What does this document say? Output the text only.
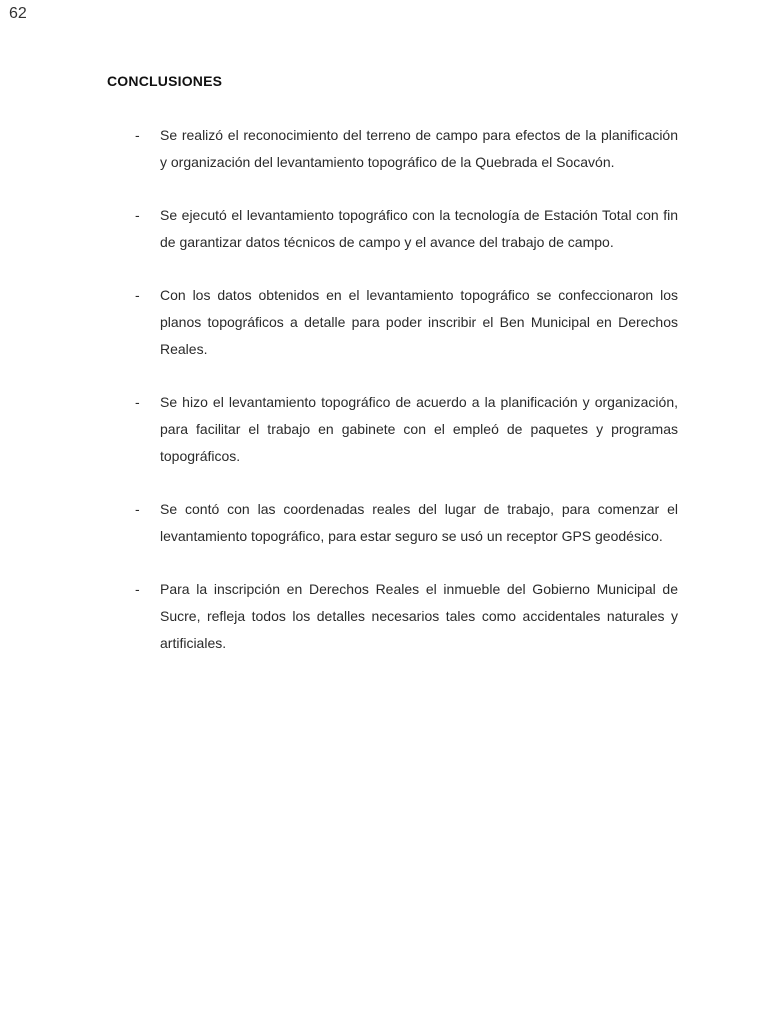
62
CONCLUSIONES
- Se realizó el reconocimiento del terreno de campo para efectos de la planificación y organización del levantamiento topográfico de la Quebrada el Socavón.
- Se ejecutó el levantamiento topográfico con la tecnología de Estación Total con fin de garantizar datos técnicos de campo y el avance del trabajo de campo.
- Con los datos obtenidos en el levantamiento topográfico se confeccionaron los planos topográficos a detalle para poder inscribir el Ben Municipal en Derechos Reales.
- Se hizo el levantamiento topográfico de acuerdo a la planificación y organización, para facilitar el trabajo en gabinete con el empleó de paquetes y programas topográficos.
- Se contó con las coordenadas reales del lugar de trabajo, para comenzar el levantamiento topográfico, para estar seguro se usó un receptor GPS geodésico.
- Para la inscripción en Derechos Reales el inmueble del Gobierno Municipal de Sucre, refleja todos los detalles necesarios tales como accidentales naturales y artificiales.
